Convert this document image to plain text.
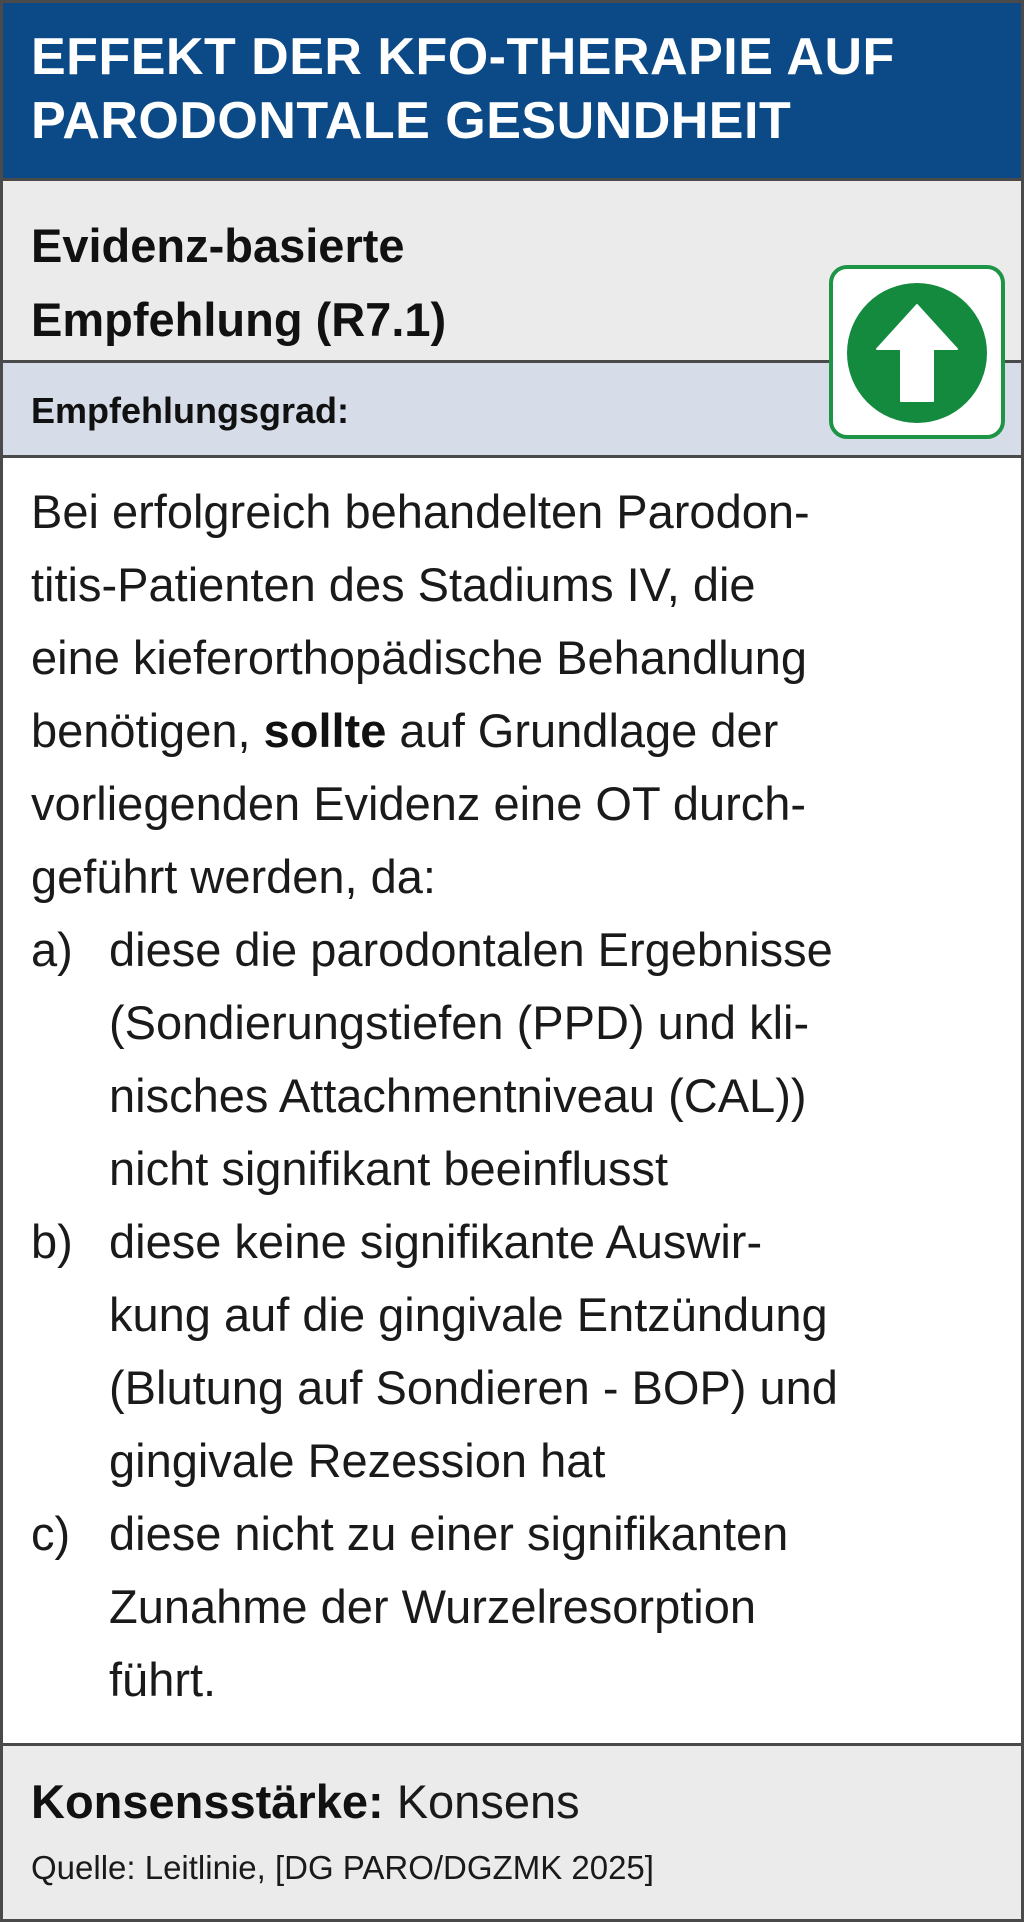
EFFEKT DER KFO-THERAPIE AUF
PARODONTALE GESUNDHEIT
Evidenz-basierte
Empfehlung (R7.1)
Empfehlungsgrad:
Bei erfolgreich behandelten Parodon-
titis-Patienten des Stadiums IV, die
eine kieferorthopädische Behandlung
benötigen, sollte auf Grundlage der
vorliegenden Evidenz eine OT durch-
geführt werden, da:
a) diese die parodontalen Ergebnisse
(Sondierungstiefen (PPD) und kli-
nisches Attachmentniveau (CAL))
nicht signifikant beeinflusst
b) diese keine signifikante Auswir-
kung auf die gingivale Entzündung
(Blutung auf Sondieren - BOP) und
gingivale Rezession hat
c) diese nicht zu einer signifikanten
Zunahme der Wurzelresorption
führt.
Konsensstärke: Konsens
Quelle: Leitlinie, [DG PARO/DGZMK 2025]
